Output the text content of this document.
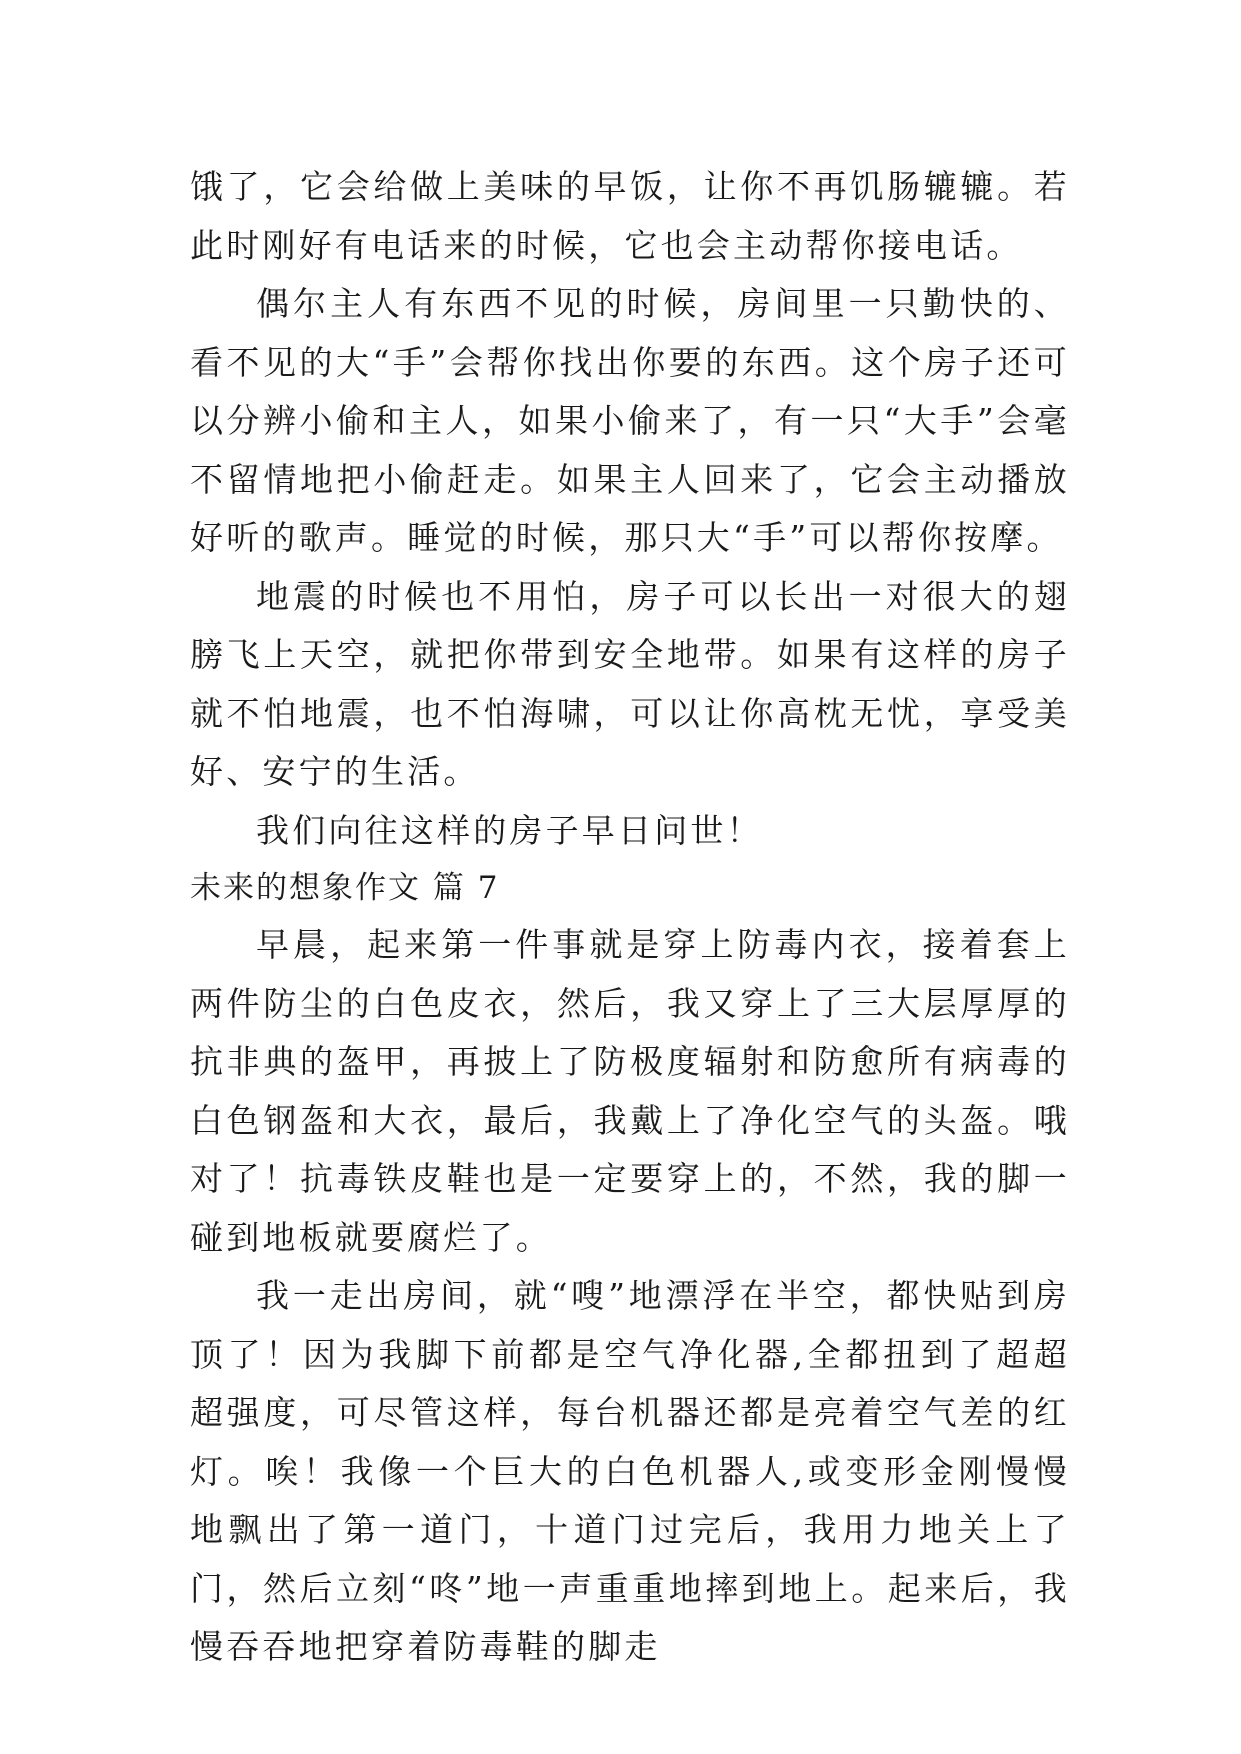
饿了，它会给做上美味的早饭，让你不再饥肠辘辘。若此时刚好有电话来的时候，它也会主动帮你接电话。

偶尔主人有东西不见的时候，房间里一只勤快的、看不见的大“手”会帮你找出你要的东西。这个房子还可以分辨小偷和主人，如果小偷来了，有一只“大手”会毫不留情地把小偷赶走。如果主人回来了，它会主动播放好听的歌声。睡觉的时候，那只大“手”可以帮你按摩。

地震的时候也不用怕，房子可以长出一对很大的翅膀飞上天空，就把你带到安全地带。如果有这样的房子就不怕地震，也不怕海啸，可以让你高枕无忧，享受美好、安宁的生活。

我们向往这样的房子早日问世！

未来的想象作文 篇 7

早晨，起来第一件事就是穿上防毒内衣，接着套上两件防尘的白色皮衣，然后，我又穿上了三大层厚厚的抗非典的盔甲，再披上了防极度辐射和防愈所有病毒的白色钢盔和大衣，最后，我戴上了净化空气的头盔。哦对了！抗毒铁皮鞋也是一定要穿上的，不然，我的脚一碰到地板就要腐烂了。

我一走出房间，就“嗖”地漂浮在半空，都快贴到房顶了！因为我脚下前都是空气净化器,全都扭到了超超超强度，可尽管这样，每台机器还都是亮着空气差的红灯。唉！我像一个巨大的白色机器人,或变形金刚慢慢地飘出了第一道门，十道门过完后，我用力地关上了门，然后立刻“咚”地一声重重地摔到地上。起来后，我慢吞吞地把穿着防毒鞋的脚走
